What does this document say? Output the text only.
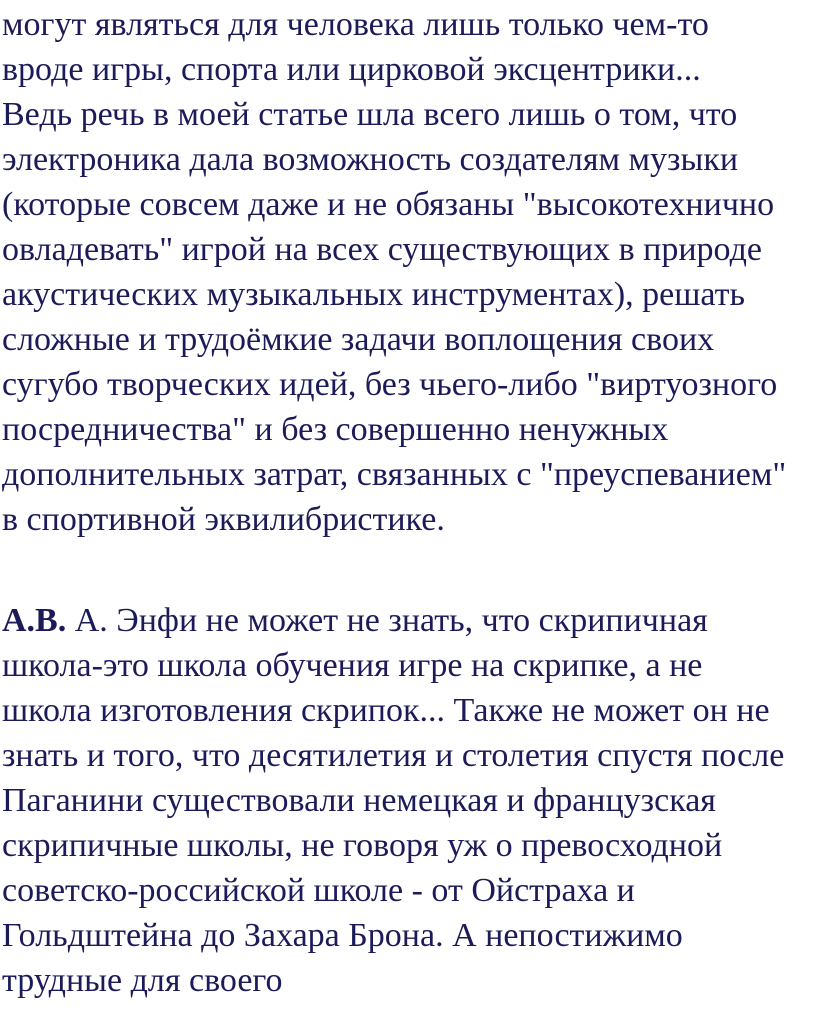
могут являться для человека лишь только чем-то

вроде игры, спорта или цирковой эксцентрики...

Ведь речь в моей статье шла всего лишь о том, что

электроника дала возможность создателям музыки

(которые совсем даже и не обязаны "высокотехнично

овладевать" игрой на всех существующих в природе

акустических музыкальных инструментах), решать

сложные и трудоёмкие задачи воплощения своих

сугубо творческих идей, без чьего-либо "виртуозного

посредничества" и без совершенно ненужных

дополнительных затрат, связанных с "преуспеванием"

в спортивной эквилибристике.

А.В. А. Энфи не может не знать, что скрипичная

школа-это школа обучения игре на скрипке, а не

школа изготовления скрипок... Также не может он не

знать и того, что десятилетия и столетия спустя после

Паганини существовали немецкая и французская

скрипичные школы, не говоря уж о превосходной

советско-российской школе - от Ойстраха и

Гольдштейна до Захара Брона. А непостижимо

трудные для своего
